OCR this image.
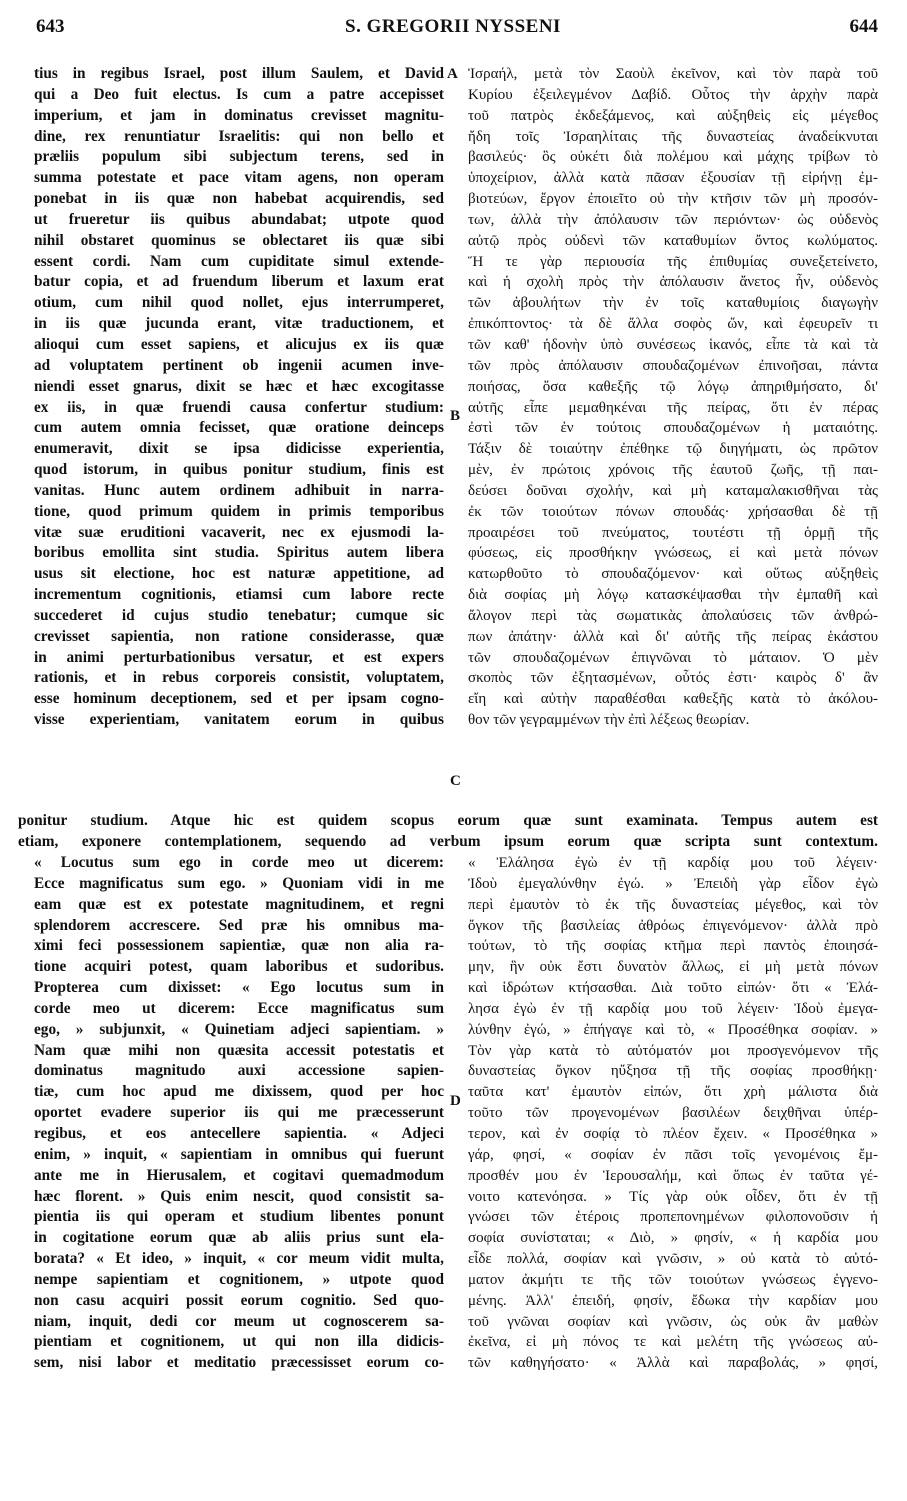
643	S. GREGORII NYSSENI	644
A
B
C
D
tius in regibus Israel, post illum Saulem, et David
qui a Deo fuit electus. Is cum a patre accepisset
imperium, et jam in dominatus crevisset magnitu-
dine, rex renuntiatur Israelitis: qui non bello et
præliis populum sibi subjectum terens, sed in
summa potestate et pace vitam agens, non operam
ponebat in iis quæ non habebat acquirendis, sed
ut frueretur iis quibus abundabat; utpote quod
nihil obstaret quominus se oblectaret iis quæ sibi
essent cordi. Nam cum cupiditate simul extende-
batur copia, et ad fruendum liberum et laxum erat
otium, cum nihil quod nollet, ejus interrumperet,
in iis quæ jucunda erant, vitæ traductionem, et
alioqui cum esset sapiens, et alicujus ex iis quæ
ad voluptatem pertinent ob ingenii acumen inve-
niendi esset gnarus, dixit se hæc et hæc excogitasse
ex iis, in quæ fruendi causa confertur studium:
cum autem omnia fecisset, quæ oratione deinceps
enumeravit, dixit se ipsa didicisse experientia,
quod istorum, in quibus ponitur studium, finis est
vanitas. Hunc autem ordinem adhibuit in narra-
tione, quod primum quidem in primis temporibus
vitæ suæ eruditioni vacaverit, nec ex ejusmodi la-
boribus emollita sint studia. Spiritus autem libera
usus sit electione, hoc est naturæ appetitione, ad
incrementum cognitionis, etiamsi cum labore recte
succederet id cujus studio tenebatur; cumque sic
crevisset sapientia, non ratione considerasse, quæ
in animi perturbationibus versatur, et est expers
rationis, et in rebus corporeis consistit, voluptatem,
esse hominum deceptionem, sed et per ipsam cogno-
visse experientiam, vanitatem eorum in quibus
Ἰσραήλ, μετὰ τὸν Σαοὺλ ἐκεῖνον, καὶ τὸν παρὰ τοῦ
Κυρίου ἐξειλεγμένον Δαβίδ. Οὗτος τὴν ἀρχὴν παρὰ
τοῦ πατρὸς ἐκδεξάμενος, καὶ αὐξηθεὶς εἰς μέγεθος
ἤδη τοῖς Ἰσραηλίταις τῆς δυναστείας ἀναδείκνυται
βασιλεύς· ὃς οὐκέτι διὰ πολέμου καὶ μάχης τρίβων τὸ
ὑποχείριον, ἀλλὰ κατὰ πᾶσαν ἐξουσίαν τῇ εἰρήνῃ ἐμ-
βιοτεύων, ἔργον ἐποιεῖτο οὐ τὴν κτῆσιν τῶν μὴ προσόν-
των, ἀλλὰ τὴν ἀπόλαυσιν τῶν περιόντων· ὡς οὐδενὸς
αὐτῷ πρὸς οὐδενὶ τῶν καταθυμίων ὄντος κωλύματος.
Ἥ τε γὰρ περιουσία τῆς ἐπιθυμίας συνεξετείνετο,
καὶ ἡ σχολὴ πρὸς τὴν ἀπόλαυσιν ἄνετος ἦν, οὐδενὸς
τῶν ἀβουλήτων τὴν ἐν τοῖς καταθυμίοις διαγωγὴν
ἐπικόπτοντος· τὰ δὲ ἄλλα σοφὸς ὤν, καὶ ἐφευρεῖν τι
τῶν καθ' ἡδονὴν ὑπὸ συνέσεως ἱκανός, εἶπε τὰ καὶ τὰ
τῶν πρὸς ἀπόλαυσιν σπουδαζομένων ἐπινοῆσαι, πάντα
ποιήσας, ὅσα καθεξῆς τῷ λόγῳ ἀπηριθμήσατο, δι'
αὐτῆς εἶπε μεμαθηκέναι τῆς πείρας, ὅτι ἐν πέρας
ἐστὶ τῶν ἐν τούτοις σπουδαζομένων ἡ ματαιότης.
Τάξιν δὲ τοιαύτην ἐπέθηκε τῷ διηγήματι, ὡς πρῶτον
μὲν, ἐν πρώτοις χρόνοις τῆς ἑαυτοῦ ζωῆς, τῇ παι-
δεύσει δοῦναι σχολήν, καὶ μὴ καταμαλακισθῆναι τὰς
ἐκ τῶν τοιούτων πόνων σπουδάς· χρήσασθαι δὲ τῇ
προαιρέσει τοῦ πνεύματος, τουτέστι τῇ ὁρμῇ τῆς
φύσεως, εἰς προσθήκην γνώσεως, εἰ καὶ μετὰ πόνων
κατωρθοῦτο τὸ σπουδαζόμενον· καὶ οὕτως αὐξηθεὶς
διὰ σοφίας μὴ λόγῳ κατασκέψασθαι τὴν ἐμπαθῆ καὶ
ἄλογον περὶ τὰς σωματικὰς ἀπολαύσεις τῶν ἀνθρώ-
πων ἀπάτην· ἀλλὰ καὶ δι' αὐτῆς τῆς πείρας ἑκάστου
τῶν σπουδαζομένων ἐπιγνῶναι τὸ μάταιον. Ὁ μὲν
σκοπὸς τῶν ἐξητασμένων, οὗτός ἐστι· καιρὸς δ' ἂν
εἴη καὶ αὐτὴν παραθέσθαι καθεξῆς κατὰ τὸ ἀκόλου-
θον τῶν γεγραμμένων τὴν ἐπὶ λέξεως θεωρίαν.
ponitur studium. Atque hic est quidem scopus eorum quæ sunt examinata. Tempus autem est
etiam, exponere contemplationem, sequendo ad verbum ipsum eorum quæ scripta sunt contextum.
« Locutus sum ego in corde meo ut dicerem:
Ecce magnificatus sum ego. » Quoniam vidi in me
eam quæ est ex potestate magnitudinem, et regni
splendorem accrescere. Sed præ his omnibus ma-
ximi feci possessionem sapientiæ, quæ non alia ra-
tione acquiri potest, quam laboribus et sudoribus.
Propterea cum dixisset: « Ego locutus sum in
corde meo ut dicerem: Ecce magnificatus sum
ego, » subjunxit, « Quinetiam adjeci sapientiam. »
Nam quæ mihi non quæsita accessit potestatis et
dominatus magnitudo auxi accessione sapien-
tiæ, cum hoc apud me dixissem, quod per hoc
oportet evadere superior iis qui me præcesserunt
regibus, et eos antecellere sapientia. « Adjeci
enim, » inquit, « sapientiam in omnibus qui fuerunt
ante me in Hierusalem, et cogitavi quemadmodum
hæc florent. » Quis enim nescit, quod consistit sa-
pientia iis qui operam et studium libentes ponunt
in cogitatione eorum quæ ab aliis prius sunt ela-
borata? « Et ideo, » inquit, « cor meum vidit multa,
nempe sapientiam et cognitionem, » utpote quod
non casu acquiri possit eorum cognitio. Sed quo-
niam, inquit, dedi cor meum ut cognoscerem sa-
pientiam et cognitionem, ut qui non illa didicis-
sem, nisi labor et meditatio præcessisset eorum co-
« Ἐλάλησα ἐγὼ ἐν τῇ καρδίᾳ μου τοῦ λέγειν·
Ἰδοὺ ἐμεγαλύνθην ἐγώ. » Ἐπειδὴ γὰρ εἶδον ἐγὼ
περὶ ἐμαυτὸν τὸ ἐκ τῆς δυναστείας μέγεθος, καὶ τὸν
ὄγκον τῆς βασιλείας ἀθρόως ἐπιγενόμενον· ἀλλὰ πρὸ
τούτων, τὸ τῆς σοφίας κτῆμα περὶ παντὸς ἐποιησά-
μην, ἣν οὐκ ἔστι δυνατὸν ἄλλως, εἰ μὴ μετὰ πόνων
καὶ ἱδρώτων κτήσασθαι. Διὰ τοῦτο εἰπών· ὅτι « Ἐλά-
λησα ἐγὼ ἐν τῇ καρδίᾳ μου τοῦ λέγειν· Ἰδοὺ ἐμεγα-
λύνθην ἐγώ, » ἐπήγαγε καὶ τὸ, « Προσέθηκα σοφίαν. »
Τὸν γὰρ κατὰ τὸ αὐτόματόν μοι προσγενόμενον τῆς
δυναστείας ὄγκον ηὔξησα τῇ τῆς σοφίας προσθήκῃ·
ταῦτα κατ' ἐμαυτὸν εἰπών, ὅτι χρὴ μάλιστα διὰ
τοῦτο τῶν προγενομένων βασιλέων δειχθῆναι ὑπέρ-
τερον, καὶ ἐν σοφίᾳ τὸ πλέον ἔχειν. « Προσέθηκα »
γάρ, φησί, « σοφίαν ἐν πᾶσι τοῖς γενομένοις ἔμ-
προσθέν μου ἐν Ἱερουσαλήμ, καὶ ὅπως ἐν ταῦτα γέ-
νοιτο κατενόησα. » Τίς γὰρ οὐκ οἶδεν, ὅτι ἐν τῇ
γνώσει τῶν ἑτέροις προπεπονημένων φιλοπονοῦσιν ἡ
σοφία συνίσταται; « Διὸ, » φησίν, « ἡ καρδία μου
εἶδε πολλά, σοφίαν καὶ γνῶσιν, » οὐ κατὰ τὸ αὐτό-
ματον ἀκμήτι τε τῆς τῶν τοιούτων γνώσεως ἐγγενο-
μένης. Ἀλλ' ἐπειδή, φησίν, ἔδωκα τὴν καρδίαν μου
τοῦ γνῶναι σοφίαν καὶ γνῶσιν, ὡς οὐκ ἂν μαθὼν
ἐκεῖνα, εἰ μὴ πόνος τε καὶ μελέτη τῆς γνώσεως αὐ-
τῶν καθηγήσατο· « Ἀλλὰ καὶ παραβολάς, » φησί,
